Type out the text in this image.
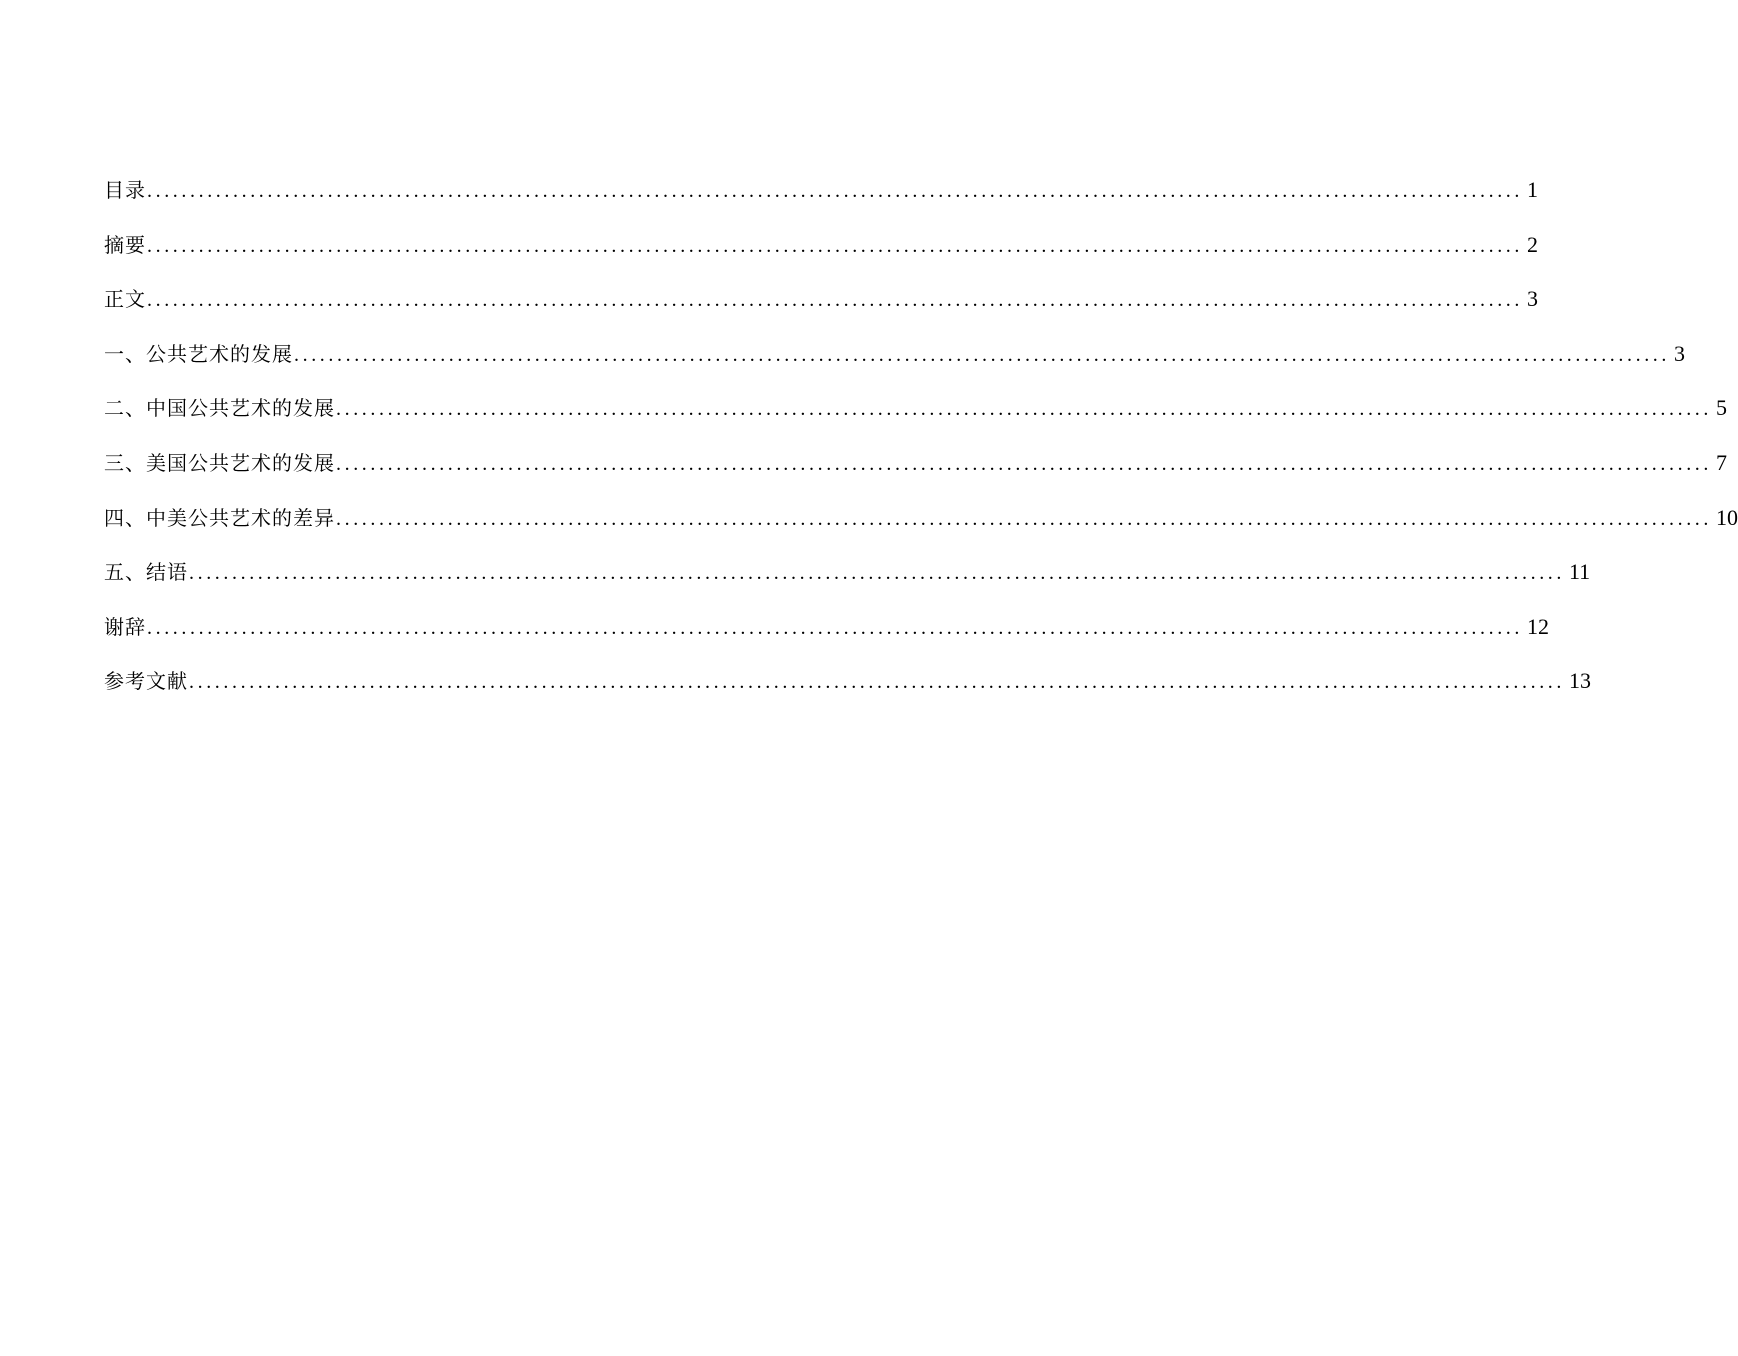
目录 ................................................................................................................................................................ 1
摘要 ................................................................................................................................................................ 2
正文 ................................................................................................................................................................ 3
一、公共艺术的发展 ................................................................................................................................................................ 3
二、中国公共艺术的发展 ................................................................................................................................................................ 5
三、美国公共艺术的发展 ................................................................................................................................................................ 7
四、中美公共艺术的差异 ................................................................................................................................................................ 10
五、结语 ................................................................................................................................................................ 11
谢辞 ................................................................................................................................................................ 12
参考文献 ................................................................................................................................................................ 13
